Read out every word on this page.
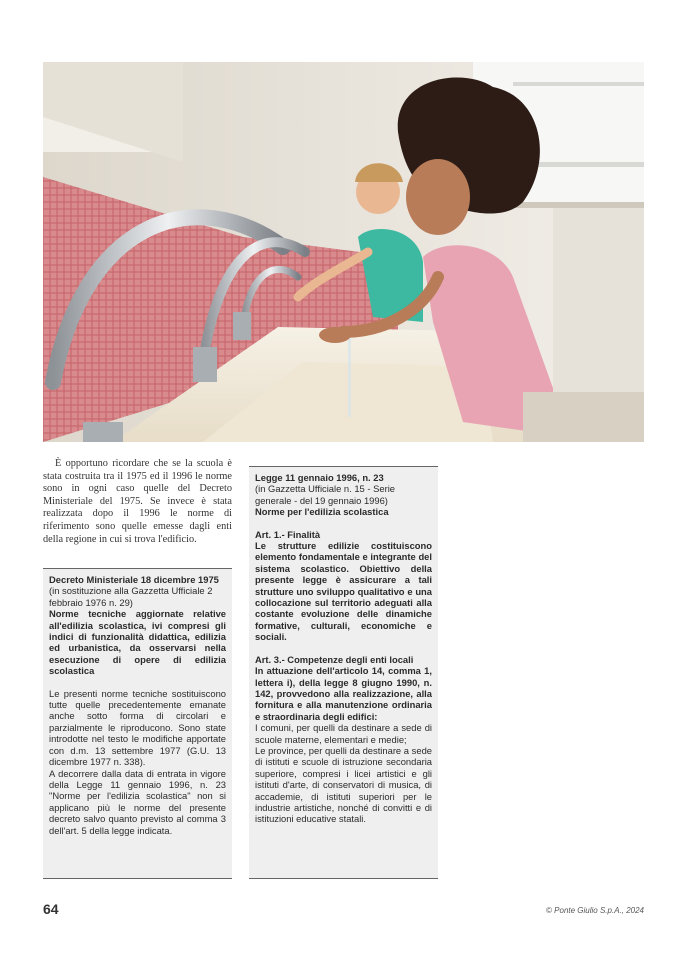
È opportuno ricordare che se la scuola è stata costruita tra il 1975 ed il 1996 le norme sono in ogni caso quelle del Decreto Ministeriale del 1975. Se invece è stata realizzata dopo il 1996 le norme di riferimento sono quelle emesse dagli enti della regione in cui si trova l'edificio.

Decreto Ministeriale 18 dicembre 1975

(in sostituzione alla Gazzetta Ufficiale 2 febbraio 1976 n. 29)

Norme tecniche aggiornate relative all'edilizia scolastica, ivi compresi gli indici di funzionalità didattica, edilizia ed urbanistica, da osservarsi nella esecuzione di opere di edilizia scolastica

Le presenti norme tecniche sostituiscono tutte quelle precedentemente emanate anche sotto forma di circolari e parzialmente le riproducono. Sono state introdotte nel testo le modifiche apportate con d.m. 13 settembre 1977 (G.U. 13 dicembre 1977 n. 338).

A decorrere dalla data di entrata in vigore della Legge 11 gennaio 1996, n. 23 "Norme per l'edilizia scolastica" non si applicano più le norme del presente decreto salvo quanto previsto al comma 3 dell'art. 5 della legge indicata.

Legge 11 gennaio 1996, n. 23

(in Gazzetta Ufficiale n. 15 - Serie generale - del 19 gennaio 1996)

Norme per l'edilizia scolastica

Art. 1.- Finalità

Le strutture edilizie costituiscono elemento fondamentale e integrante del sistema scolastico. Obiettivo della presente legge è assicurare a tali strutture uno sviluppo qualitativo e una collocazione sul territorio adeguati alla costante evoluzione delle dinamiche formative, culturali, economiche e sociali.

Art. 3.- Competenze degli enti locali

In attuazione dell'articolo 14, comma 1, lettera i), della legge 8 giugno 1990, n. 142, provvedono alla realizzazione, alla fornitura e alla manutenzione ordinaria e straordinaria degli edifici:

I comuni, per quelli da destinare a sede di scuole materne, elementari e medie;

Le province, per quelli da destinare a sede di istituti e scuole di istruzione secondaria superiore, compresi i licei artistici e gli istituti d'arte, di conservatori di musica, di accademie, di istituti superiori per le industrie artistiche, nonché di convitti e di istituzioni educative statali.

64	© Ponte Giulio S.p.A., 2024
